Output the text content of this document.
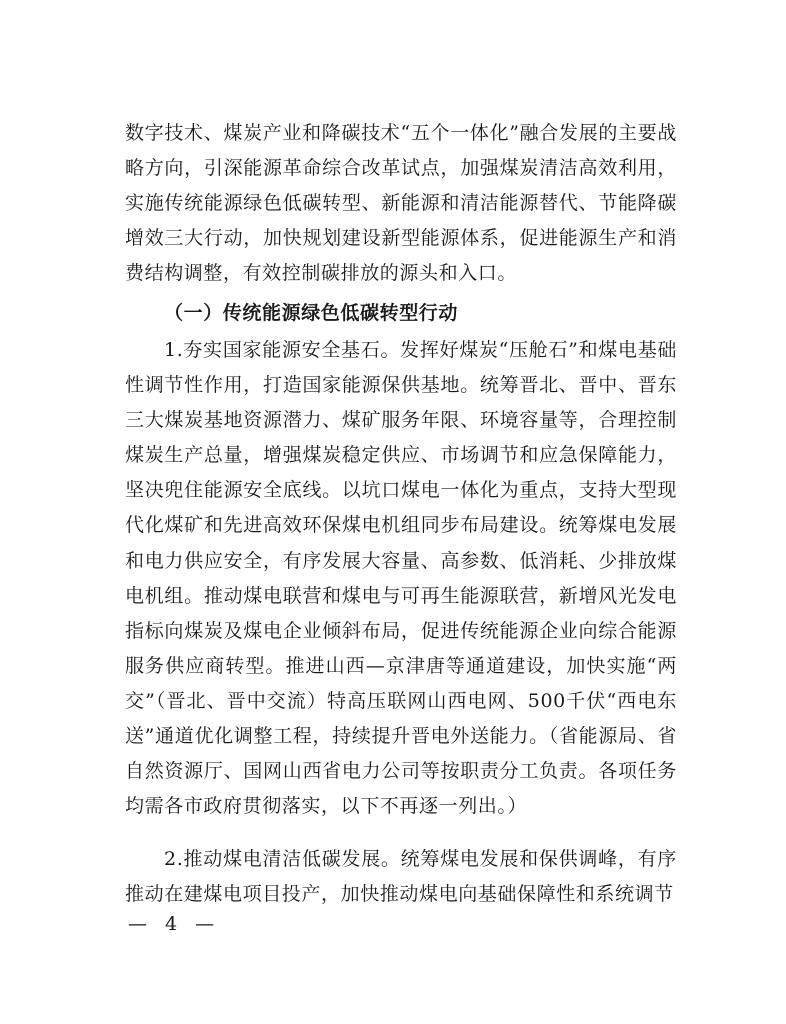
数字技术、煤炭产业和降碳技术“五个一体化”融合发展的主要战略方向，引深能源革命综合改革试点，加强煤炭清洁高效利用，实施传统能源绿色低碳转型、新能源和清洁能源替代、节能降碳增效三大行动，加快规划建设新型能源体系，促进能源生产和消费结构调整，有效控制碳排放的源头和入口。

（一）传统能源绿色低碳转型行动

1.夯实国家能源安全基石。发挥好煤炭“压舱石”和煤电基础性调节性作用，打造国家能源保供基地。统筹晋北、晋中、晋东三大煤炭基地资源潜力、煤矿服务年限、环境容量等，合理控制煤炭生产总量，增强煤炭稳定供应、市场调节和应急保障能力，坚决兜住能源安全底线。以坑口煤电一体化为重点，支持大型现代化煤矿和先进高效环保煤电机组同步布局建设。统筹煤电发展和电力供应安全，有序发展大容量、高参数、低消耗、少排放煤电机组。推动煤电联营和煤电与可再生能源联营，新增风光发电指标向煤炭及煤电企业倾斜布局，促进传统能源企业向综合能源服务供应商转型。推进山西—京津唐等通道建设，加快实施“两交”（晋北、晋中交流）特高压联网山西电网、500千伏“西电东送”通道优化调整工程，持续提升晋电外送能力。（省能源局、省自然资源厅、国网山西省电力公司等按职责分工负责。各项任务均需各市政府贯彻落实，以下不再逐一列出。）

2.推动煤电清洁低碳发展。统筹煤电发展和保供调峰，有序推动在建煤电项目投产，加快推动煤电向基础保障性和系统调节

— 4 —
